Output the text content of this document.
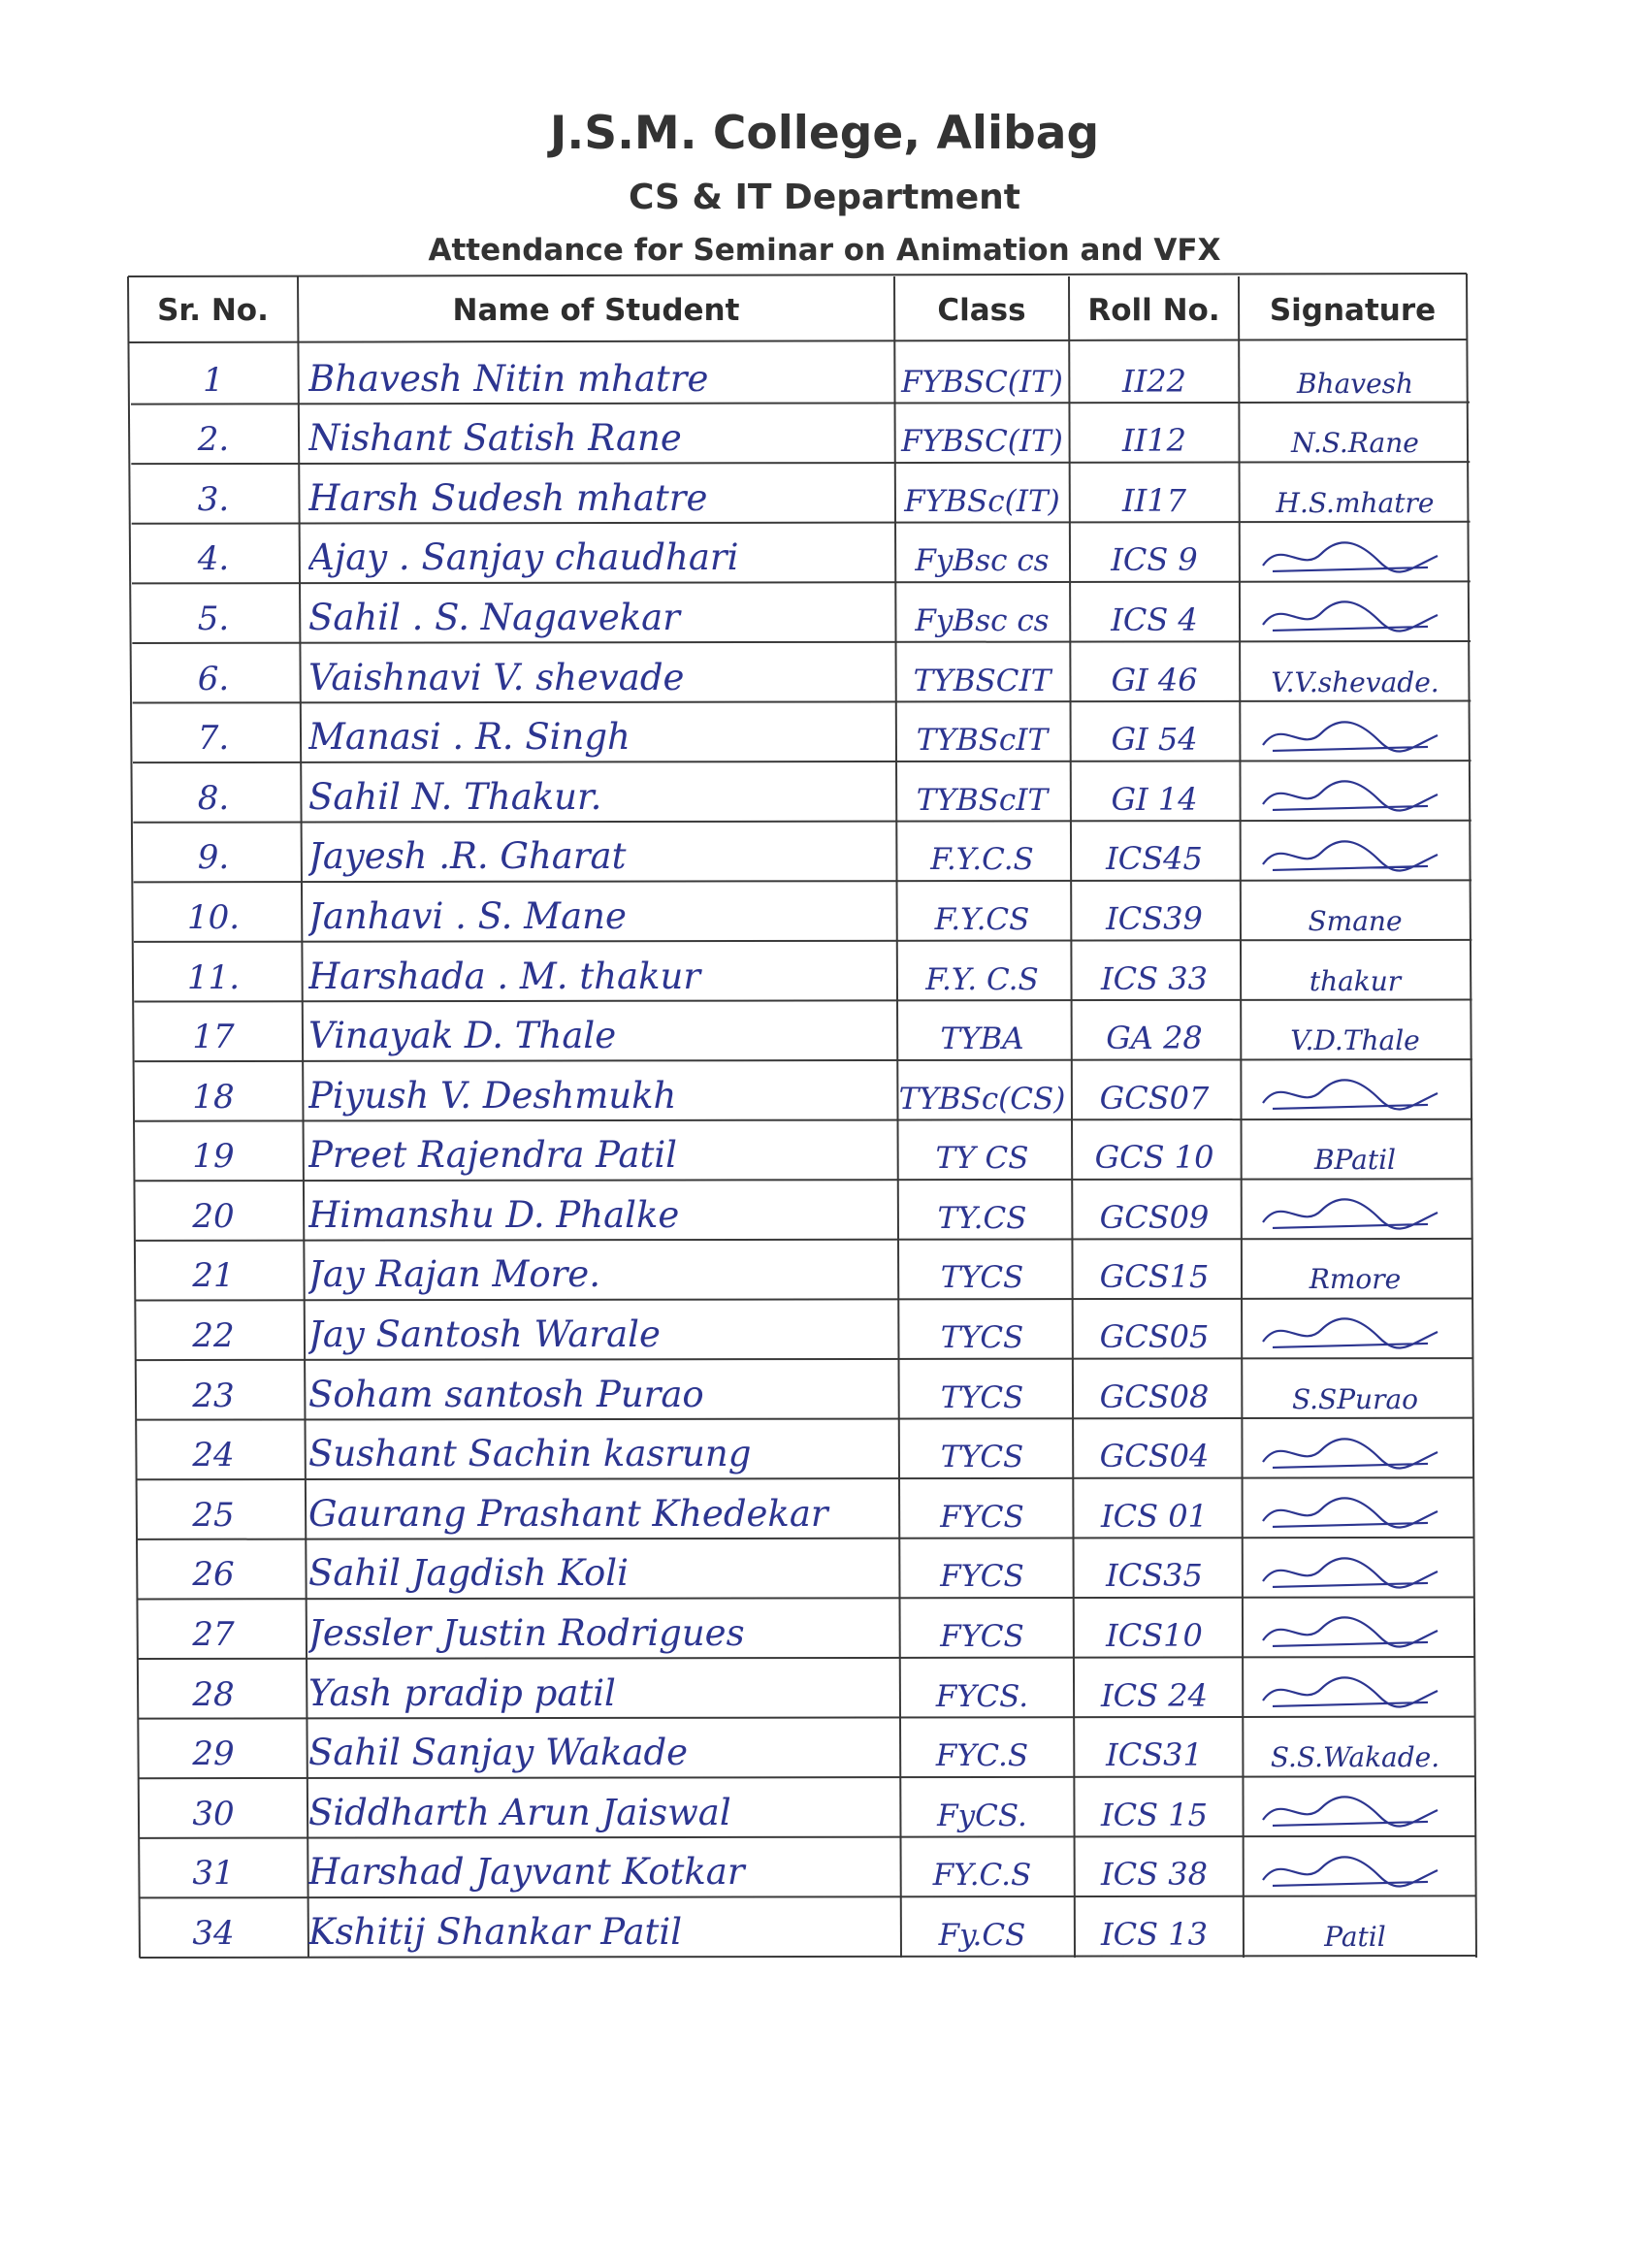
J.S.M. College, Alibag
CS & IT Department
Attendance for Seminar on Animation and VFX
Sr. No.	Name of Student	Class	Roll No.	Signature
1	Bhavesh Nitin mhatre	FYBSC(IT)	II22	Bhavesh
2.	Nishant Satish Rane	FYBSC(IT)	II12	N.S.Rane
3.	Harsh Sudesh mhatre	FYBSc(IT)	II17	H.S.mhatre
4.	Ajay . Sanjay chaudhari	FyBsc cs	ICS 9
5.	Sahil . S. Nagavekar	FyBsc cs	ICS 4
6.	Vaishnavi V. shevade	TYBSCIT	GI 46	V.V.shevade.
7.	Manasi . R. Singh	TYBScIT	GI 54
8.	Sahil N. Thakur.	TYBScIT	GI 14
9.	Jayesh .R. Gharat	F.Y.C.S	ICS45
10.	Janhavi . S. Mane	F.Y.CS	ICS39	Smane
11.	Harshada . M. thakur	F.Y. C.S	ICS 33	thakur
17	Vinayak D. Thale	TYBA	GA 28	V.D.Thale
18	Piyush V. Deshmukh	TYBSc(CS)	GCS07
19	Preet Rajendra Patil	TY CS	GCS 10	BPatil
20	Himanshu D. Phalke	TY.CS	GCS09
21	Jay Rajan More.	TYCS	GCS15	Rmore
22	Jay Santosh Warale	TYCS	GCS05
23	Soham santosh Purao	TYCS	GCS08	S.SPurao
24	Sushant Sachin kasrung	TYCS	GCS04
25	Gaurang Prashant Khedekar	FYCS	ICS 01
26	Sahil Jagdish Koli	FYCS	ICS35
27	Jessler Justin Rodrigues	FYCS	ICS10
28	Yash pradip patil	FYCS.	ICS 24
29	Sahil Sanjay Wakade	FYC.S	ICS31	S.S.Wakade.
30	Siddharth Arun Jaiswal	FyCS.	ICS 15
31	Harshad Jayvant Kotkar	FY.C.S	ICS 38
34	Kshitij Shankar Patil	Fy.CS	ICS 13	Patil
